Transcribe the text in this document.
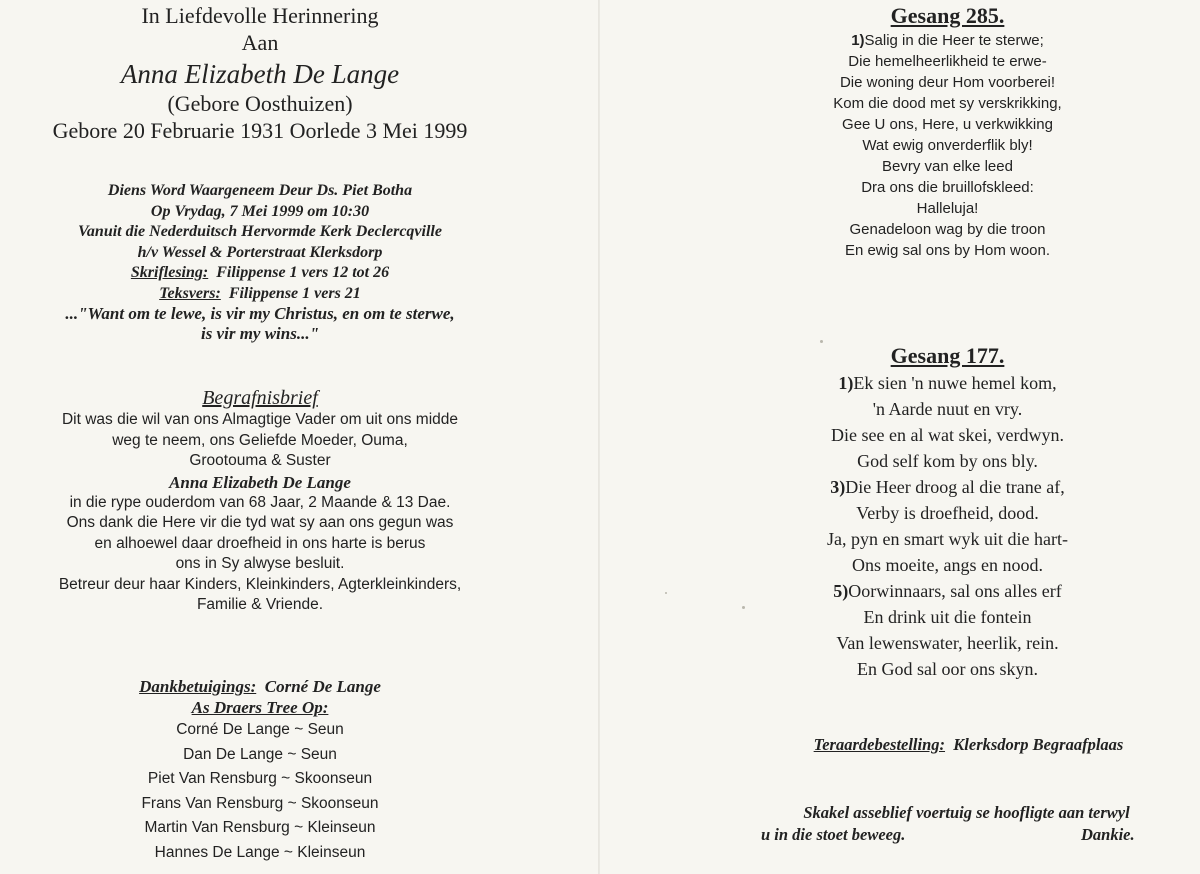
In Liefdevolle Herinnering
Aan
Anna Elizabeth De Lange
(Gebore Oosthuizen)
Gebore 20 Februarie 1931 Oorlede 3 Mei 1999
Diens Word Waargeneem Deur Ds. Piet Botha
Op Vrydag, 7 Mei 1999 om 10:30
Vanuit die Nederduitsch Hervormde Kerk Declercqville
h/v Wessel & Porterstraat Klerksdorp
Skriflesing: Filippense 1 vers 12 tot 26
Teksvers: Filippense 1 vers 21
..."Want om te lewe, is vir my Christus, en om te sterwe,
is vir my wins..."
Begrafnisbrief
Dit was die wil van ons Almagtige Vader om uit ons midde
weg te neem, ons Geliefde Moeder, Ouma,
Grootouma & Suster
Anna Elizabeth De Lange
in die rype ouderdom van 68 Jaar, 2 Maande & 13 Dae.
Ons dank die Here vir die tyd wat sy aan ons gegun was
en alhoewel daar droefheid in ons harte is berus
ons in Sy alwyse besluit.
Betreur deur haar Kinders, Kleinkinders, Agterkleinkinders,
Familie & Vriende.
Dankbetuigings: Corné De Lange
As Draers Tree Op:
Corné De Lange ~ Seun
Dan De Lange ~ Seun
Piet Van Rensburg ~ Skoonseun
Frans Van Rensburg ~ Skoonseun
Martin Van Rensburg ~ Kleinseun
Hannes De Lange ~ Kleinseun
Gesang 285.
1)Salig in die Heer te sterwe;
Die hemelheerlikheid te erwe-
Die woning deur Hom voorberei!
Kom die dood met sy verskrikking,
Gee U ons, Here, u verkwikking
Wat ewig onverderflik bly!
Bevry van elke leed
Dra ons die bruillofskleed:
Halleluja!
Genadeloon wag by die troon
En ewig sal ons by Hom woon.
Gesang 177.
1)Ek sien 'n nuwe hemel kom,
'n Aarde nuut en vry.
Die see en al wat skei, verdwyn.
God self kom by ons bly.
3)Die Heer droog al die trane af,
Verby is droefheid, dood.
Ja, pyn en smart wyk uit die hart-
Ons moeite, angs en nood.
5)Oorwinnaars, sal ons alles erf
En drink uit die fontein
Van lewenswater, heerlik, rein.
En God sal oor ons skyn.
Teraardebestelling: Klerksdorp Begraafplaas
Skakel asseblief voertuig se hoofligte aan terwyl
u in die stoet beweeg.	Dankie.
